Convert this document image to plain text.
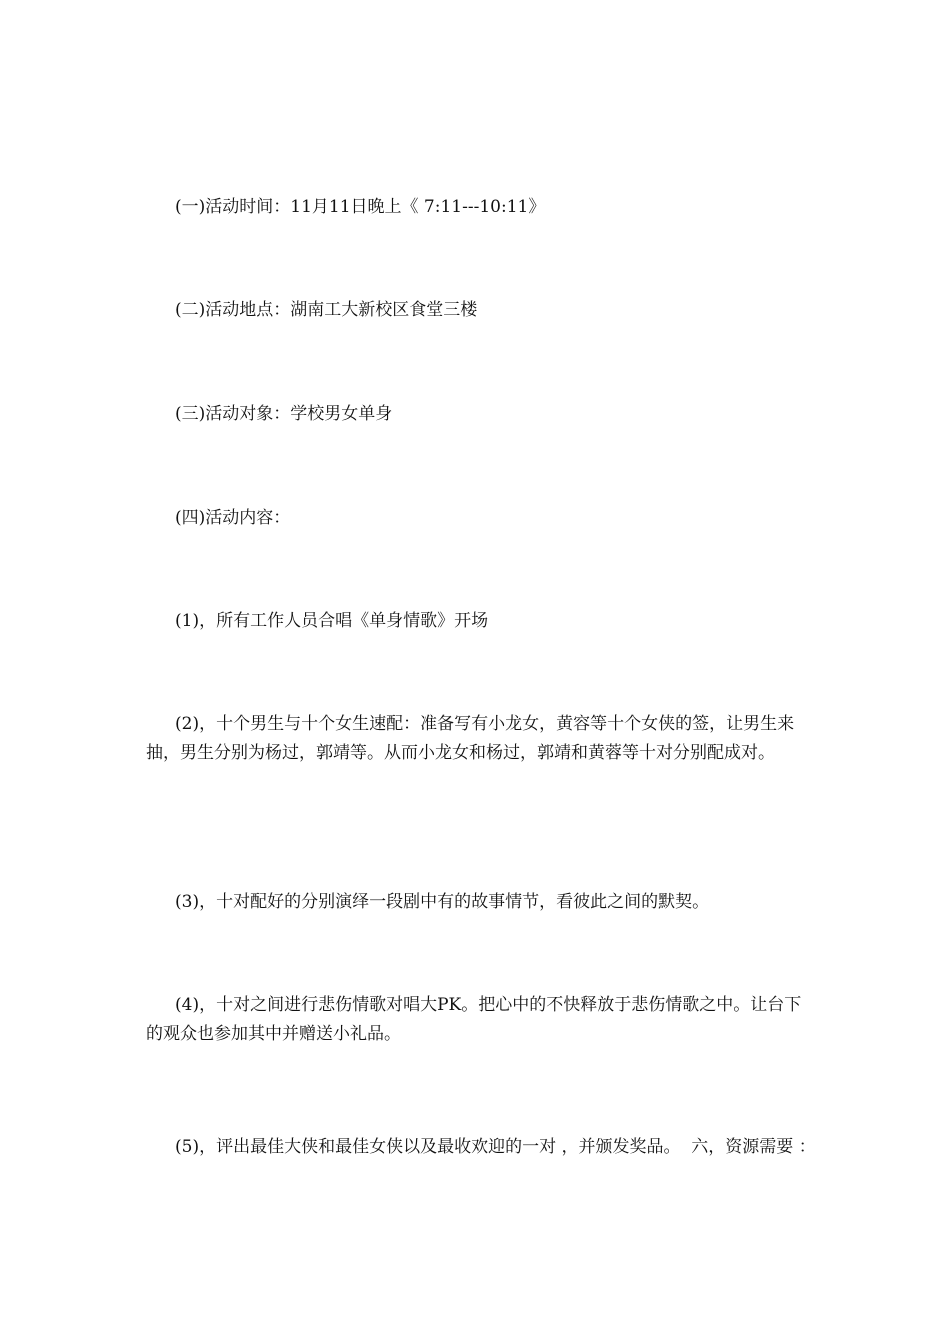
(一)活动时间：11月11日晚上《 7:11---10:11》

(二)活动地点：湖南工大新校区食堂三楼

(三)活动对象：学校男女单身

(四)活动内容：

(1)，所有工作人员合唱《单身情歌》开场

(2)，十个男生与十个女生速配：准备写有小龙女，黄容等十个女侠的签，让男生来抽，男生分别为杨过，郭靖等。从而小龙女和杨过，郭靖和黄蓉等十对分别配成对。

(3)，十对配好的分别演绎一段剧中有的故事情节，看彼此之间的默契。

(4)，十对之间进行悲伤情歌对唱大PK。把心中的不快释放于悲伤情歌之中。让台下的观众也参加其中并赠送小礼品。

(5)，评出最佳大侠和最佳女侠以及最收欢迎的一对 ，并颁发奖品。  六，资源需要 ：
